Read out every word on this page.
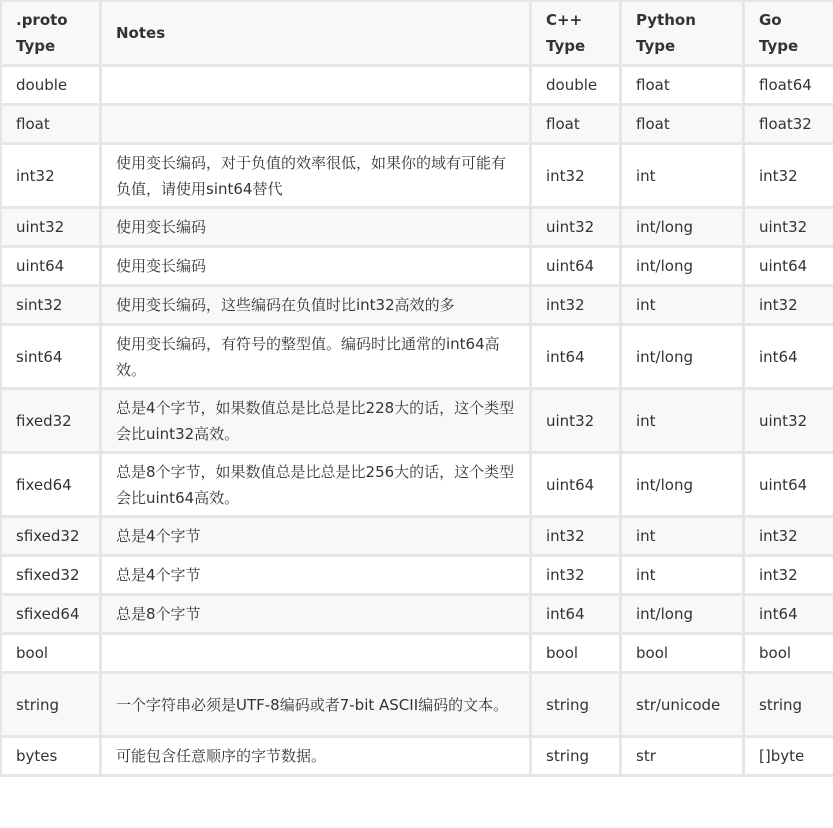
.proto Type	Notes	C++ Type	Python Type	Go Type
double		double	float	float64
float		float	float	float32
int32	使用变长编码，对于负值的效率很低，如果你的域有可能有负值，请使用sint64替代	int32	int	int32
uint32	使用变长编码	uint32	int/long	uint32
uint64	使用变长编码	uint64	int/long	uint64
sint32	使用变长编码，这些编码在负值时比int32高效的多	int32	int	int32
sint64	使用变长编码，有符号的整型值。编码时比通常的int64高效。	int64	int/long	int64
fixed32	总是4个字节，如果数值总是比总是比228大的话，这个类型会比uint32高效。	uint32	int	uint32
fixed64	总是8个字节，如果数值总是比总是比256大的话，这个类型会比uint64高效。	uint64	int/long	uint64
sfixed32	总是4个字节	int32	int	int32
sfixed32	总是4个字节	int32	int	int32
sfixed64	总是8个字节	int64	int/long	int64
bool		bool	bool	bool
string	一个字符串必须是UTF-8编码或者7-bit ASCII编码的文本。	string	str/unicode	string
bytes	可能包含任意顺序的字节数据。	string	str	[]byte
